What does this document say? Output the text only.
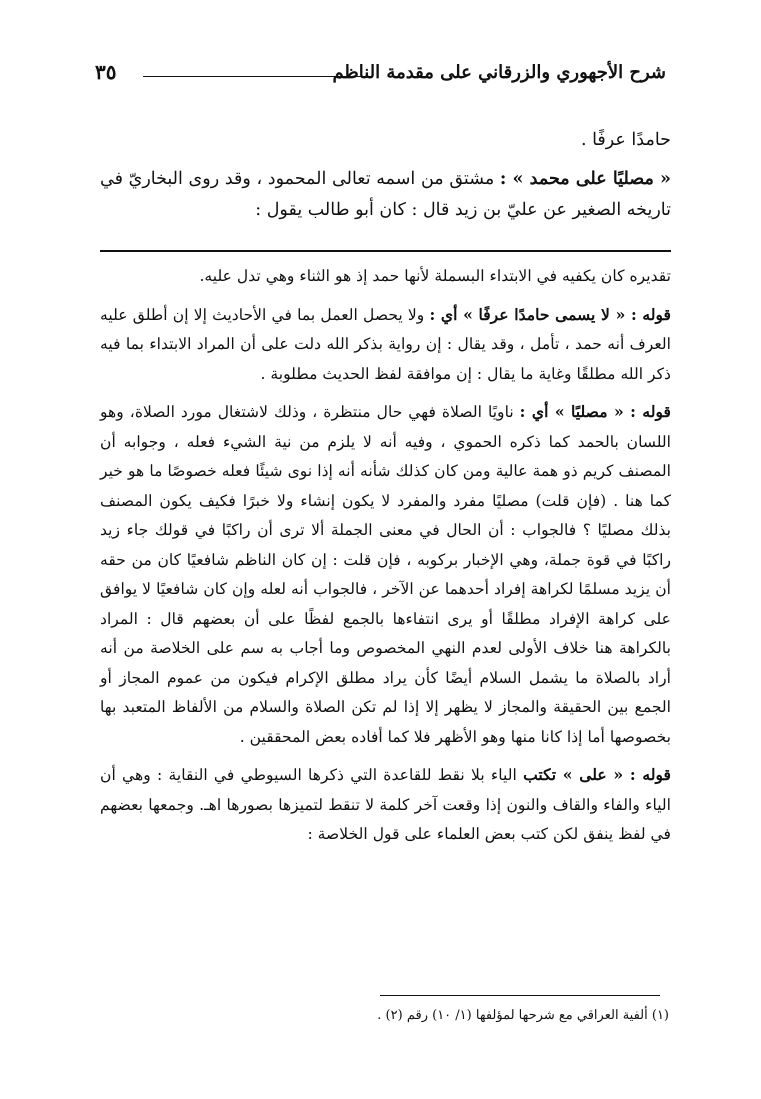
شرح الأجهوري والزرقاني على مقدمة الناظم
٣٥

حامدًا عرفًا .

« مصليًا على محمد » : مشتق من اسمه تعالى المحمود ، وقد روى البخاريّ في تاريخه الصغير عن عليّ بن زيد قال : كان أبو طالب يقول :

تقديره كان يكفيه في الابتداء البسملة لأنها حمد إذ هو الثناء وهي تدل عليه.

قوله : « لا يسمى حامدًا عرفًا » أي : ولا يحصل العمل بما في الأحاديث إلا إن أطلق عليه العرف أنه حمد ، تأمل ، وقد يقال : إن رواية بذكر الله دلت على أن المراد الابتداء بما فيه ذكر الله مطلقًا وغاية ما يقال : إن موافقة لفظ الحديث مطلوبة .

قوله : « مصليًا » أي : ناويًا الصلاة فهي حال منتظرة ، وذلك لاشتغال مورد الصلاة، وهو اللسان بالحمد كما ذكره الحموي ، وفيه أنه لا يلزم من نية الشيء فعله ، وجوابه أن المصنف كريم ذو همة عالية ومن كان كذلك شأنه أنه إذا نوى شيئًا فعله خصوصًا ما هو خير كما هنا . (فإن قلت) مصليًا مفرد والمفرد لا يكون إنشاء ولا خبرًا فكيف يكون المصنف بذلك مصليًا ؟ فالجواب : أن الحال في معنى الجملة ألا ترى أن راكبًا في قولك جاء زيد راكبًا في قوة جملة، وهي الإخبار بركوبه ، فإن قلت : إن كان الناظم شافعيًا كان من حقه أن يزيد مسلمًا لكراهة إفراد أحدهما عن الآخر ، فالجواب أنه لعله وإن كان شافعيًا لا يوافق على كراهة الإفراد مطلقًا أو يرى انتفاءها بالجمع لفظًا على أن بعضهم قال : المراد بالكراهة هنا خلاف الأولى لعدم النهي المخصوص وما أجاب به سم على الخلاصة من أنه أراد بالصلاة ما يشمل السلام أيضًا كأن يراد مطلق الإكرام فيكون من عموم المجاز أو الجمع بين الحقيقة والمجاز لا يظهر إلا إذا لم تكن الصلاة والسلام من الألفاظ المتعبد بها بخصوصها أما إذا كانا منها وهو الأظهر فلا كما أفاده بعض المحققين .

قوله : « على » تكتب الياء بلا نقط للقاعدة التي ذكرها السيوطي في النقاية : وهي أن الياء والفاء والقاف والنون إذا وقعت آخر كلمة لا تنقط لتميزها بصورها اهـ. وجمعها بعضهم في لفظ ينفق لكن كتب بعض العلماء على قول الخلاصة :

(١) ألفية العراقي مع شرحها لمؤلفها (١/ ١٠) رقم (٢) .
